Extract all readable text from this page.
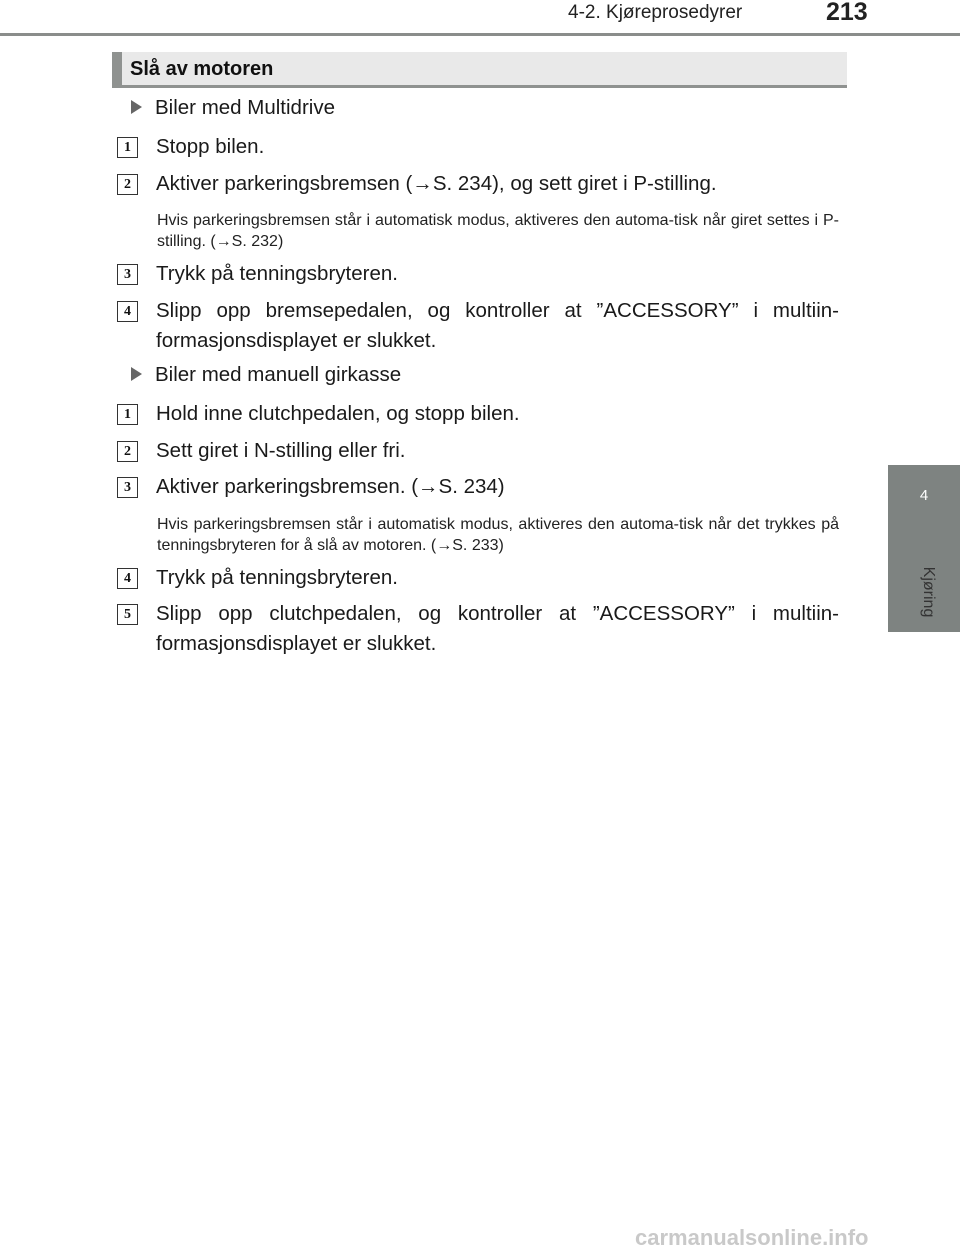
4-2. Kjøreprosedyrer	213
4
Kjøring
Slå av motoren
Biler med Multidrive
1	Stopp bilen.
2	Aktiver parkeringsbremsen (→S. 234), og sett giret i P-stilling.
Hvis parkeringsbremsen står i automatisk modus, aktiveres den automa-tisk når giret settes i P-stilling. (→S. 232)
3	Trykk på tenningsbryteren.
4	Slipp opp bremsepedalen, og kontroller at ”ACCESSORY” i multiin-formasjonsdisplayet er slukket.
Biler med manuell girkasse
1	Hold inne clutchpedalen, og stopp bilen.
2	Sett giret i N-stilling eller fri.
3	Aktiver parkeringsbremsen. (→S. 234)
Hvis parkeringsbremsen står i automatisk modus, aktiveres den automa-tisk når det trykkes på tenningsbryteren for å slå av motoren. (→S. 233)
4	Trykk på tenningsbryteren.
5	Slipp opp clutchpedalen, og kontroller at ”ACCESSORY” i multiin-formasjonsdisplayet er slukket.
carmanualsonline.info
